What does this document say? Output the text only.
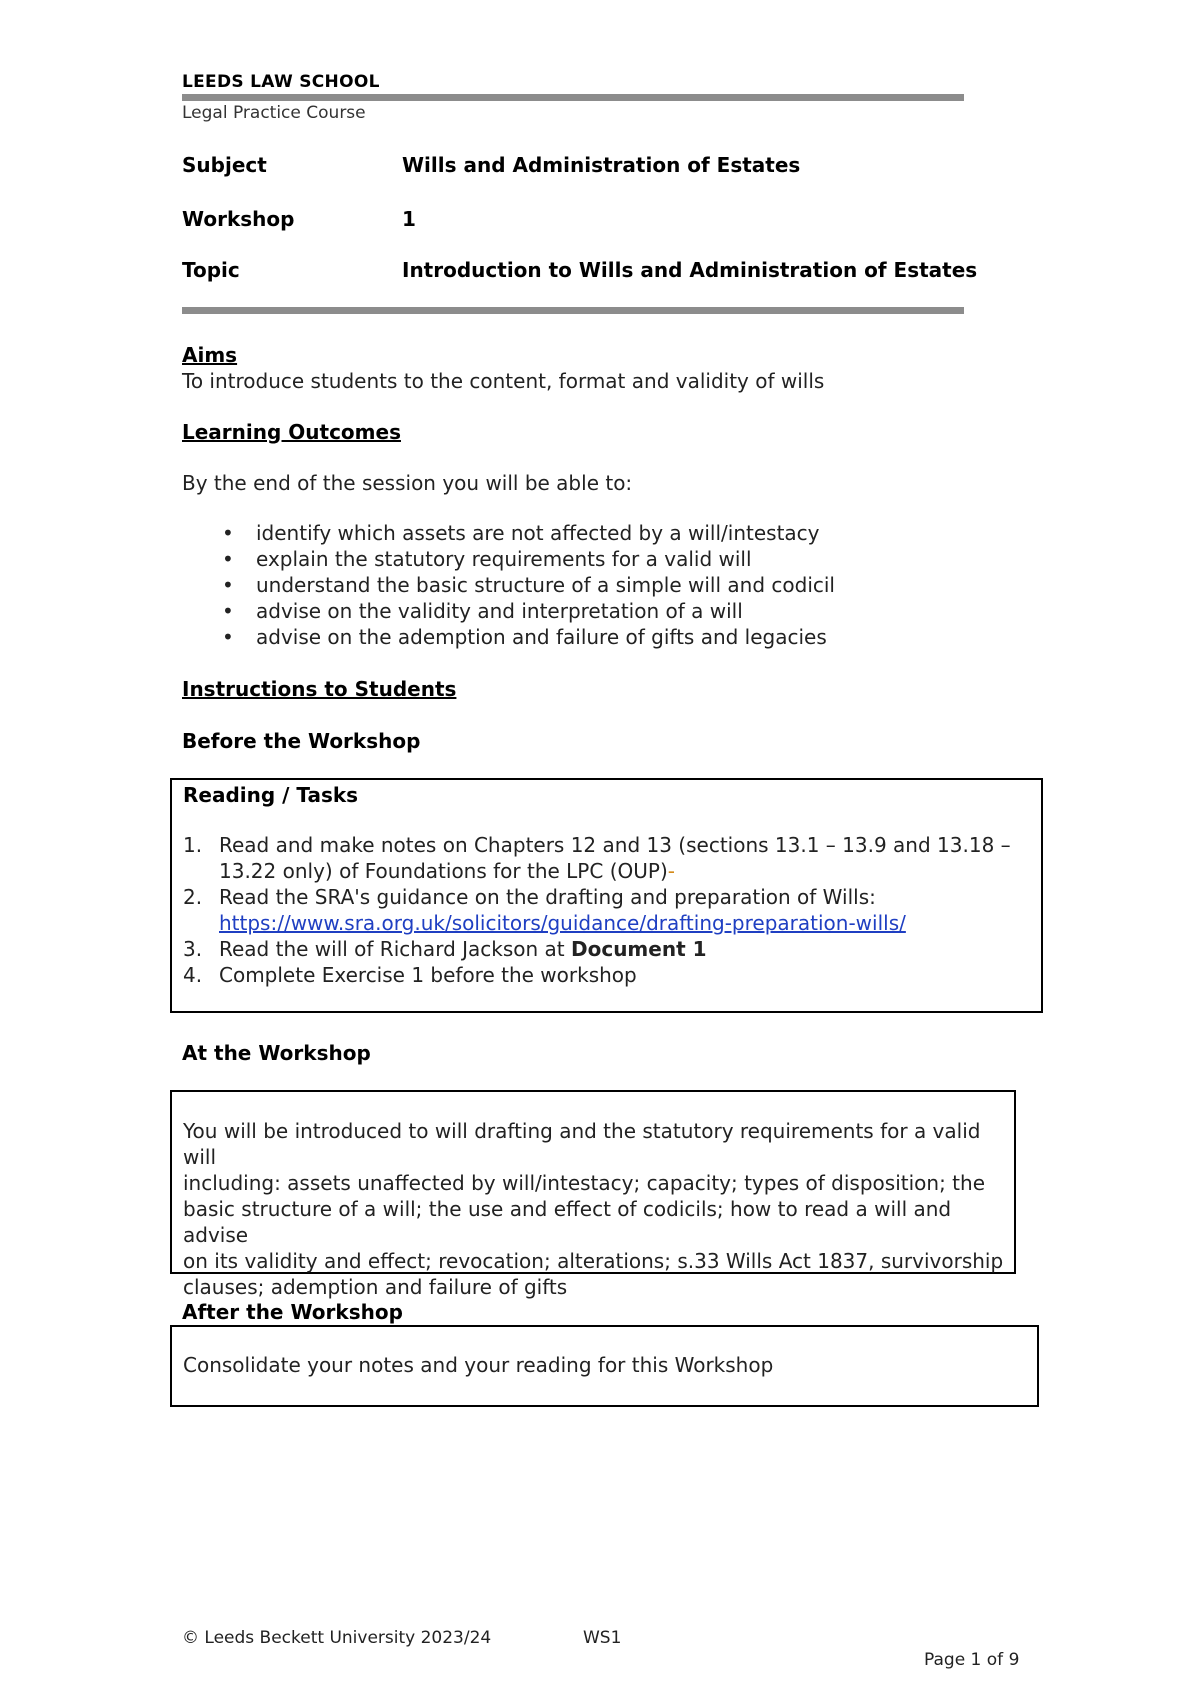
LEEDS LAW SCHOOL
Legal Practice Course
Subject	Wills and Administration of Estates
Workshop	1
Topic	Introduction to Wills and Administration of Estates
Aims
To introduce students to the content, format and validity of wills
Learning Outcomes
By the end of the session you will be able to:
• identify which assets are not affected by a will/intestacy
• explain the statutory requirements for a valid will
• understand the basic structure of a simple will and codicil
• advise on the validity and interpretation of a will
• advise on the ademption and failure of gifts and legacies
Instructions to Students
Before the Workshop
Reading / Tasks
1. Read and make notes on Chapters 12 and 13 (sections 13.1 – 13.9 and 13.18 –
13.22 only) of Foundations for the LPC (OUP)-
2. Read the SRA's guidance on the drafting and preparation of Wills:
https://www.sra.org.uk/solicitors/guidance/drafting-preparation-wills/
3. Read the will of Richard Jackson at Document 1
4. Complete Exercise 1 before the workshop
At the Workshop
You will be introduced to will drafting and the statutory requirements for a valid will
including: assets unaffected by will/intestacy; capacity; types of disposition; the
basic structure of a will; the use and effect of codicils; how to read a will and advise
on its validity and effect; revocation; alterations; s.33 Wills Act 1837, survivorship
clauses; ademption and failure of gifts
After the Workshop
Consolidate your notes and your reading for this Workshop
© Leeds Beckett University 2023/24	WS1
Page 1 of 9
